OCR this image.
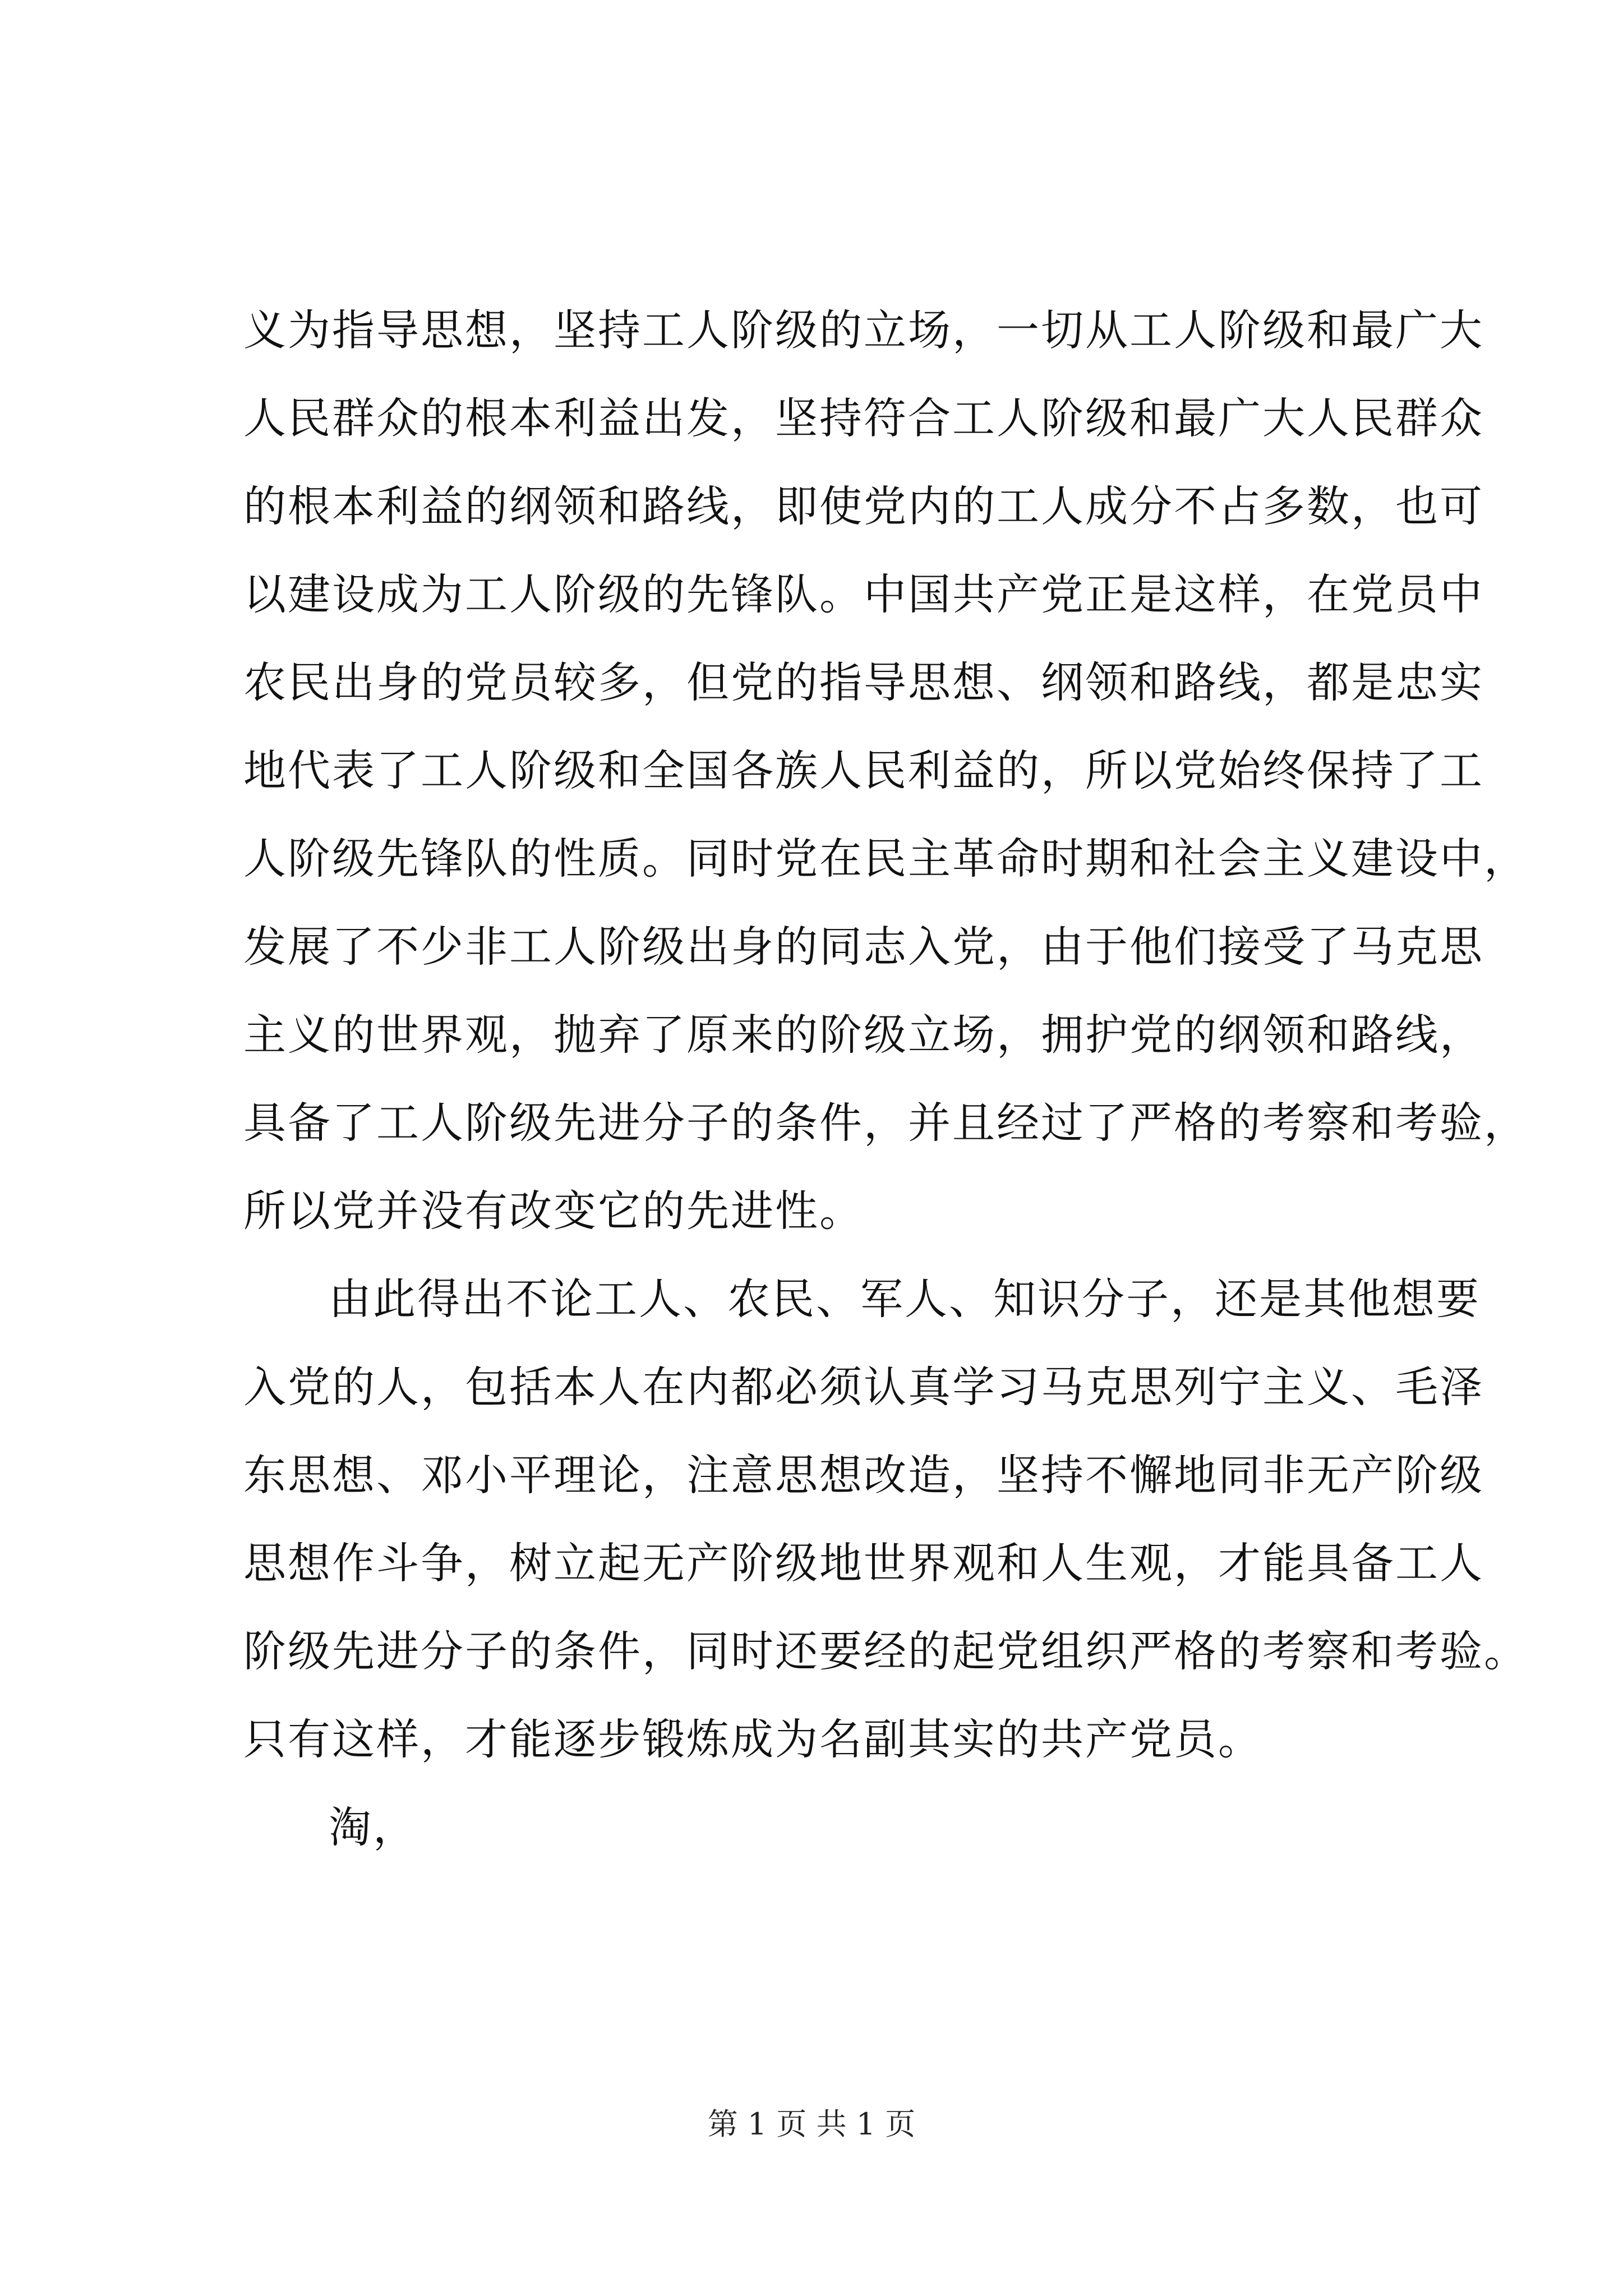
义为指导思想，坚持工人阶级的立场，一切从工人阶级和最广大
人民群众的根本利益出发，坚持符合工人阶级和最广大人民群众
的根本利益的纲领和路线，即使党内的工人成分不占多数，也可
以建设成为工人阶级的先锋队。中国共产党正是这样，在党员中
农民出身的党员较多，但党的指导思想、纲领和路线，都是忠实
地代表了工人阶级和全国各族人民利益的，所以党始终保持了工
人阶级先锋队的性质。同时党在民主革命时期和社会主义建设中，
发展了不少非工人阶级出身的同志入党，由于他们接受了马克思
主义的世界观，抛弃了原来的阶级立场，拥护党的纲领和路线，
具备了工人阶级先进分子的条件，并且经过了严格的考察和考验，
所以党并没有改变它的先进性。
由此得出不论工人、农民、军人、知识分子，还是其他想要
入党的人，包括本人在内都必须认真学习马克思列宁主义、毛泽
东思想、邓小平理论，注意思想改造，坚持不懈地同非无产阶级
思想作斗争，树立起无产阶级地世界观和人生观，才能具备工人
阶级先进分子的条件，同时还要经的起党组织严格的考察和考验。
只有这样，才能逐步锻炼成为名副其实的共产党员。
淘，
第 1 页 共 1 页
